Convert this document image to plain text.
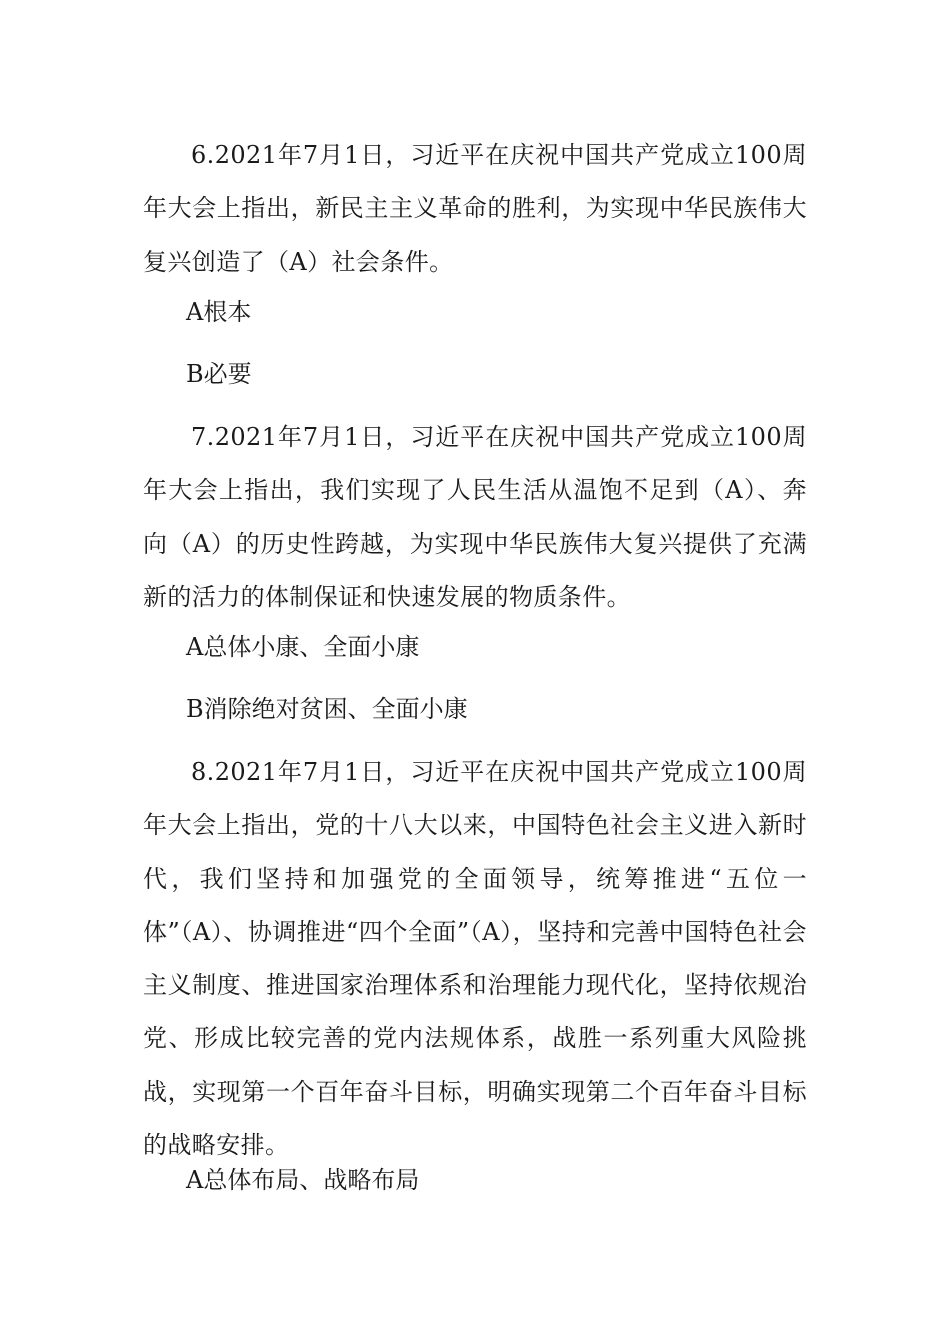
6.2021年7月1日，习近平在庆祝中国共产党成立100周年大会上指出，新民主主义革命的胜利，为实现中华民族伟大复兴创造了（A）社会条件。

A根本

B必要

7.2021年7月1日，习近平在庆祝中国共产党成立100周年大会上指出，我们实现了人民生活从温饱不足到（A）、奔向（A）的历史性跨越，为实现中华民族伟大复兴提供了充满新的活力的体制保证和快速发展的物质条件。

A总体小康、全面小康

B消除绝对贫困、全面小康

8.2021年7月1日，习近平在庆祝中国共产党成立100周年大会上指出，党的十八大以来，中国特色社会主义进入新时代，我们坚持和加强党的全面领导，统筹推进“五位一体”（A）、协调推进“四个全面”（A），坚持和完善中国特色社会主义制度、推进国家治理体系和治理能力现代化，坚持依规治党、形成比较完善的党内法规体系，战胜一系列重大风险挑战，实现第一个百年奋斗目标，明确实现第二个百年奋斗目标的战略安排。

A总体布局、战略布局
